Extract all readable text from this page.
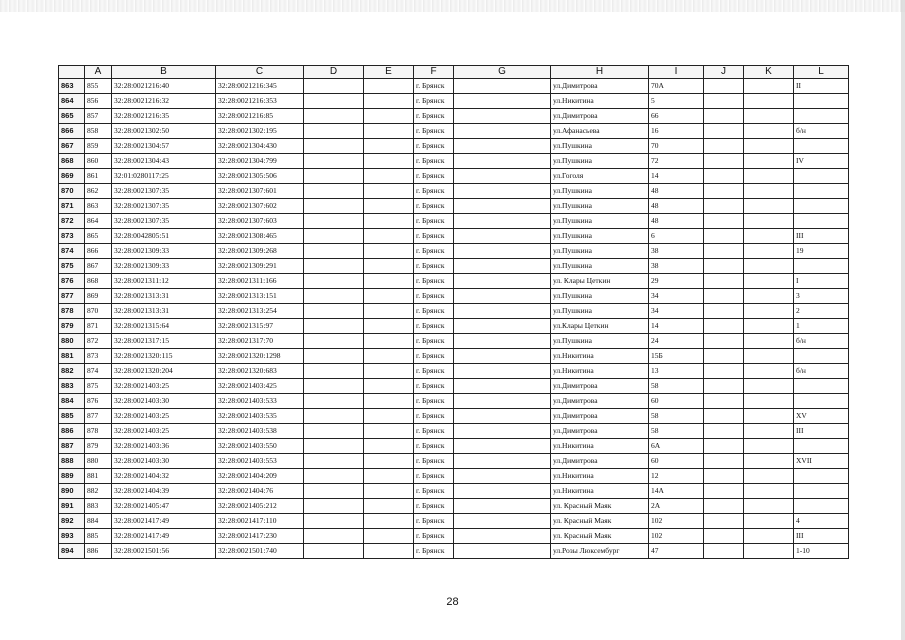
	A	B	C	D	E	F	G	H	I	J	K	L
863	855	32:28:0021216:40	32:28:0021216:345			г. Брянск		ул.Димитрова	70А			II
864	856	32:28:0021216:32	32:28:0021216:353			г. Брянск		ул.Никитина	5			
865	857	32:28:0021216:35	32:28:0021216:85			г. Брянск		ул.Димитрова	66			
866	858	32:28:0021302:50	32:28:0021302:195			г. Брянск		ул.Афанасьева	16			б/н
867	859	32:28:0021304:57	32:28:0021304:430			г. Брянск		ул.Пушкина	70			
868	860	32:28:0021304:43	32:28:0021304:799			г. Брянск		ул.Пушкина	72			IV
869	861	32:01:0280117:25	32:28:0021305:506			г. Брянск		ул.Гоголя	14			
870	862	32:28:0021307:35	32:28:0021307:601			г. Брянск		ул.Пушкина	48			
871	863	32:28:0021307:35	32:28:0021307:602			г. Брянск		ул.Пушкина	48			
872	864	32:28:0021307:35	32:28:0021307:603			г. Брянск		ул.Пушкина	48			
873	865	32:28:0042805:51	32:28:0021308:465			г. Брянск		ул.Пушкина	6			III
874	866	32:28:0021309:33	32:28:0021309:268			г. Брянск		ул.Пушкина	38			19
875	867	32:28:0021309:33	32:28:0021309:291			г. Брянск		ул.Пушкина	38			
876	868	32:28:0021311:12	32:28:0021311:166			г. Брянск		ул. Клары Цеткин	29			I
877	869	32:28:0021313:31	32:28:0021313:151			г. Брянск		ул.Пушкина	34			3
878	870	32:28:0021313:31	32:28:0021313:254			г. Брянск		ул.Пушкина	34			2
879	871	32:28:0021315:64	32:28:0021315:97			г. Брянск		ул.Клары Цеткин	14			1
880	872	32:28:0021317:15	32:28:0021317:70			г. Брянск		ул.Пушкина	24			б/н
881	873	32:28:0021320:115	32:28:0021320:1298			г. Брянск		ул.Никитина	15Б			
882	874	32:28:0021320:204	32:28:0021320:683			г. Брянск		ул.Никитина	13			б/н
883	875	32:28:0021403:25	32:28:0021403:425			г. Брянск		ул.Димитрова	58			
884	876	32:28:0021403:30	32:28:0021403:533			г. Брянск		ул.Димитрова	60			
885	877	32:28:0021403:25	32:28:0021403:535			г. Брянск		ул.Димитрова	58			XV
886	878	32:28:0021403:25	32:28:0021403:538			г. Брянск		ул.Димитрова	58			III
887	879	32:28:0021403:36	32:28:0021403:550			г. Брянск		ул.Никитина	6А			
888	880	32:28:0021403:30	32:28:0021403:553			г. Брянск		ул.Димитрова	60			XVII
889	881	32:28:0021404:32	32:28:0021404:209			г. Брянск		ул.Никитина	12			
890	882	32:28:0021404:39	32:28:0021404:76			г. Брянск		ул.Никитина	14А			
891	883	32:28:0021405:47	32:28:0021405:212			г. Брянск		ул. Красный Маяк	2А			
892	884	32:28:0021417:49	32:28:0021417:110			г. Брянск		ул. Красный Маяк	102			4
893	885	32:28:0021417:49	32:28:0021417:230			г. Брянск		ул. Красный Маяк	102			III
894	886	32:28:0021501:56	32:28:0021501:740			г. Брянск		ул.Розы Люксембург	47			1-10
28
